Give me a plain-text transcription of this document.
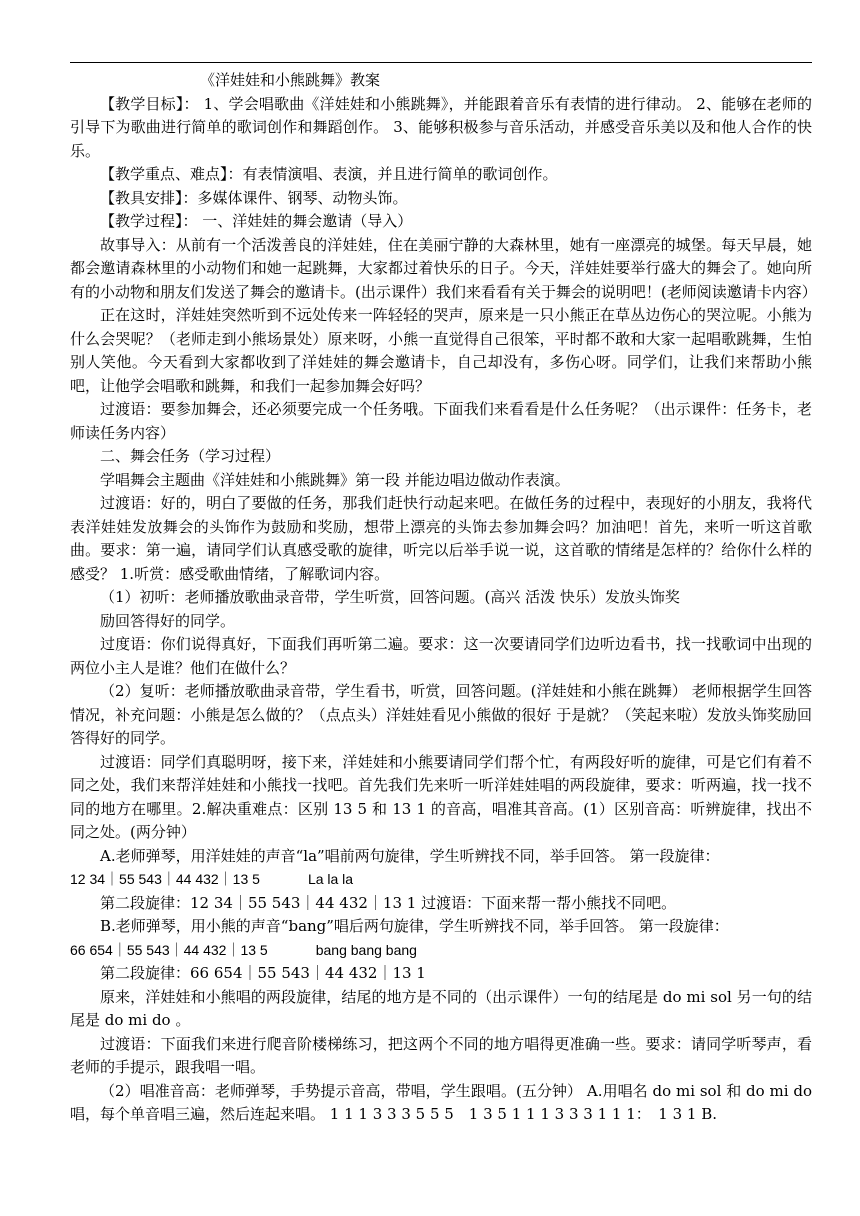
《洋娃娃和小熊跳舞》教案

【教学目标】： 1、学会唱歌曲《洋娃娃和小熊跳舞》，并能跟着音乐有表情的进行律动。 2、能够在老师的引导下为歌曲进行简单的歌词创作和舞蹈创作。 3、能够积极参与音乐活动，并感受音乐美以及和他人合作的快乐。

【教学重点、难点】：有表情演唱、表演，并且进行简单的歌词创作。

【教具安排】：多媒体课件、钢琴、动物头饰。

【教学过程】： 一、洋娃娃的舞会邀请（导入）

故事导入：从前有一个活泼善良的洋娃娃，住在美丽宁静的大森林里，她有一座漂亮的城堡。每天早晨，她都会邀请森林里的小动物们和她一起跳舞，大家都过着快乐的日子。今天，洋娃娃要举行盛大的舞会了。她向所有的小动物和朋友们发送了舞会的邀请卡。(出示课件）我们来看看有关于舞会的说明吧！(老师阅读邀请卡内容）

正在这时，洋娃娃突然听到不远处传来一阵轻轻的哭声，原来是一只小熊正在草丛边伤心的哭泣呢。小熊为什么会哭呢？（老师走到小熊场景处）原来呀，小熊一直觉得自己很笨，平时都不敢和大家一起唱歌跳舞，生怕别人笑他。今天看到大家都收到了洋娃娃的舞会邀请卡，自己却没有，多伤心呀。同学们，让我们来帮助小熊吧，让他学会唱歌和跳舞，和我们一起参加舞会好吗？

过渡语：要参加舞会，还必须要完成一个任务哦。下面我们来看看是什么任务呢？（出示课件：任务卡，老师读任务内容）

二、舞会任务（学习过程）

学唱舞会主题曲《洋娃娃和小熊跳舞》第一段 并能边唱边做动作表演。

过渡语：好的，明白了要做的任务，那我们赶快行动起来吧。在做任务的过程中，表现好的小朋友，我将代表洋娃娃发放舞会的头饰作为鼓励和奖励，想带上漂亮的头饰去参加舞会吗？加油吧！首先，来听一听这首歌曲。要求：第一遍，请同学们认真感受歌的旋律，听完以后举手说一说，这首歌的情绪是怎样的？给你什么样的感受？ 1.听赏：感受歌曲情绪，了解歌词内容。

（1）初听：老师播放歌曲录音带，学生听赏，回答问题。(高兴 活泼 快乐）发放头饰奖

励回答得好的同学。

过度语：你们说得真好，下面我们再听第二遍。要求：这一次要请同学们边听边看书，找一找歌词中出现的两位小主人是谁？他们在做什么？

（2）复听：老师播放歌曲录音带，学生看书，听赏，回答问题。(洋娃娃和小熊在跳舞） 老师根据学生回答情况，补充问题：小熊是怎么做的？（点点头）洋娃娃看见小熊做的很好 于是就？（笑起来啦）发放头饰奖励回答得好的同学。

过渡语：同学们真聪明呀，接下来，洋娃娃和小熊要请同学们帮个忙，有两段好听的旋律，可是它们有着不同之处，我们来帮洋娃娃和小熊找一找吧。首先我们先来听一听洋娃娃唱的两段旋律，要求：听两遍，找一找不同的地方在哪里。2.解决重难点：区别 13 5 和 13 1 的音高，唱准其音高。(1）区别音高：听辨旋律，找出不同之处。(两分钟）

A.老师弹琴，用洋娃娃的声音“la”唱前两句旋律，学生听辨找不同，举手回答。 第一段旋律：

12 34｜55 543｜44 432｜13 5	La la la

第二段旋律：12 34｜55 543｜44 432｜13 1 过渡语：下面来帮一帮小熊找不同吧。

B.老师弹琴，用小熊的声音“bang”唱后两句旋律，学生听辨找不同，举手回答。 第一段旋律：

66 654｜55 543｜44 432｜13 5	bang bang bang

第二段旋律：66 654｜55 543｜44 432｜13 1

原来，洋娃娃和小熊唱的两段旋律，结尾的地方是不同的（出示课件）一句的结尾是 do mi sol 另一句的结尾是 do mi do 。

过渡语：下面我们来进行爬音阶楼梯练习，把这两个不同的地方唱得更准确一些。要求：请同学听琴声，看老师的手提示，跟我唱一唱。

（2）唱准音高：老师弹琴，手势提示音高，带唱，学生跟唱。(五分钟） A.用唱名 do mi sol 和 do mi do 唱，每个单音唱三遍，然后连起来唱。 1 1 1 3 3 3 5 5 5　1 3 5 1 1 1 3 3 3 1 1 1：　1 3 1 B.
